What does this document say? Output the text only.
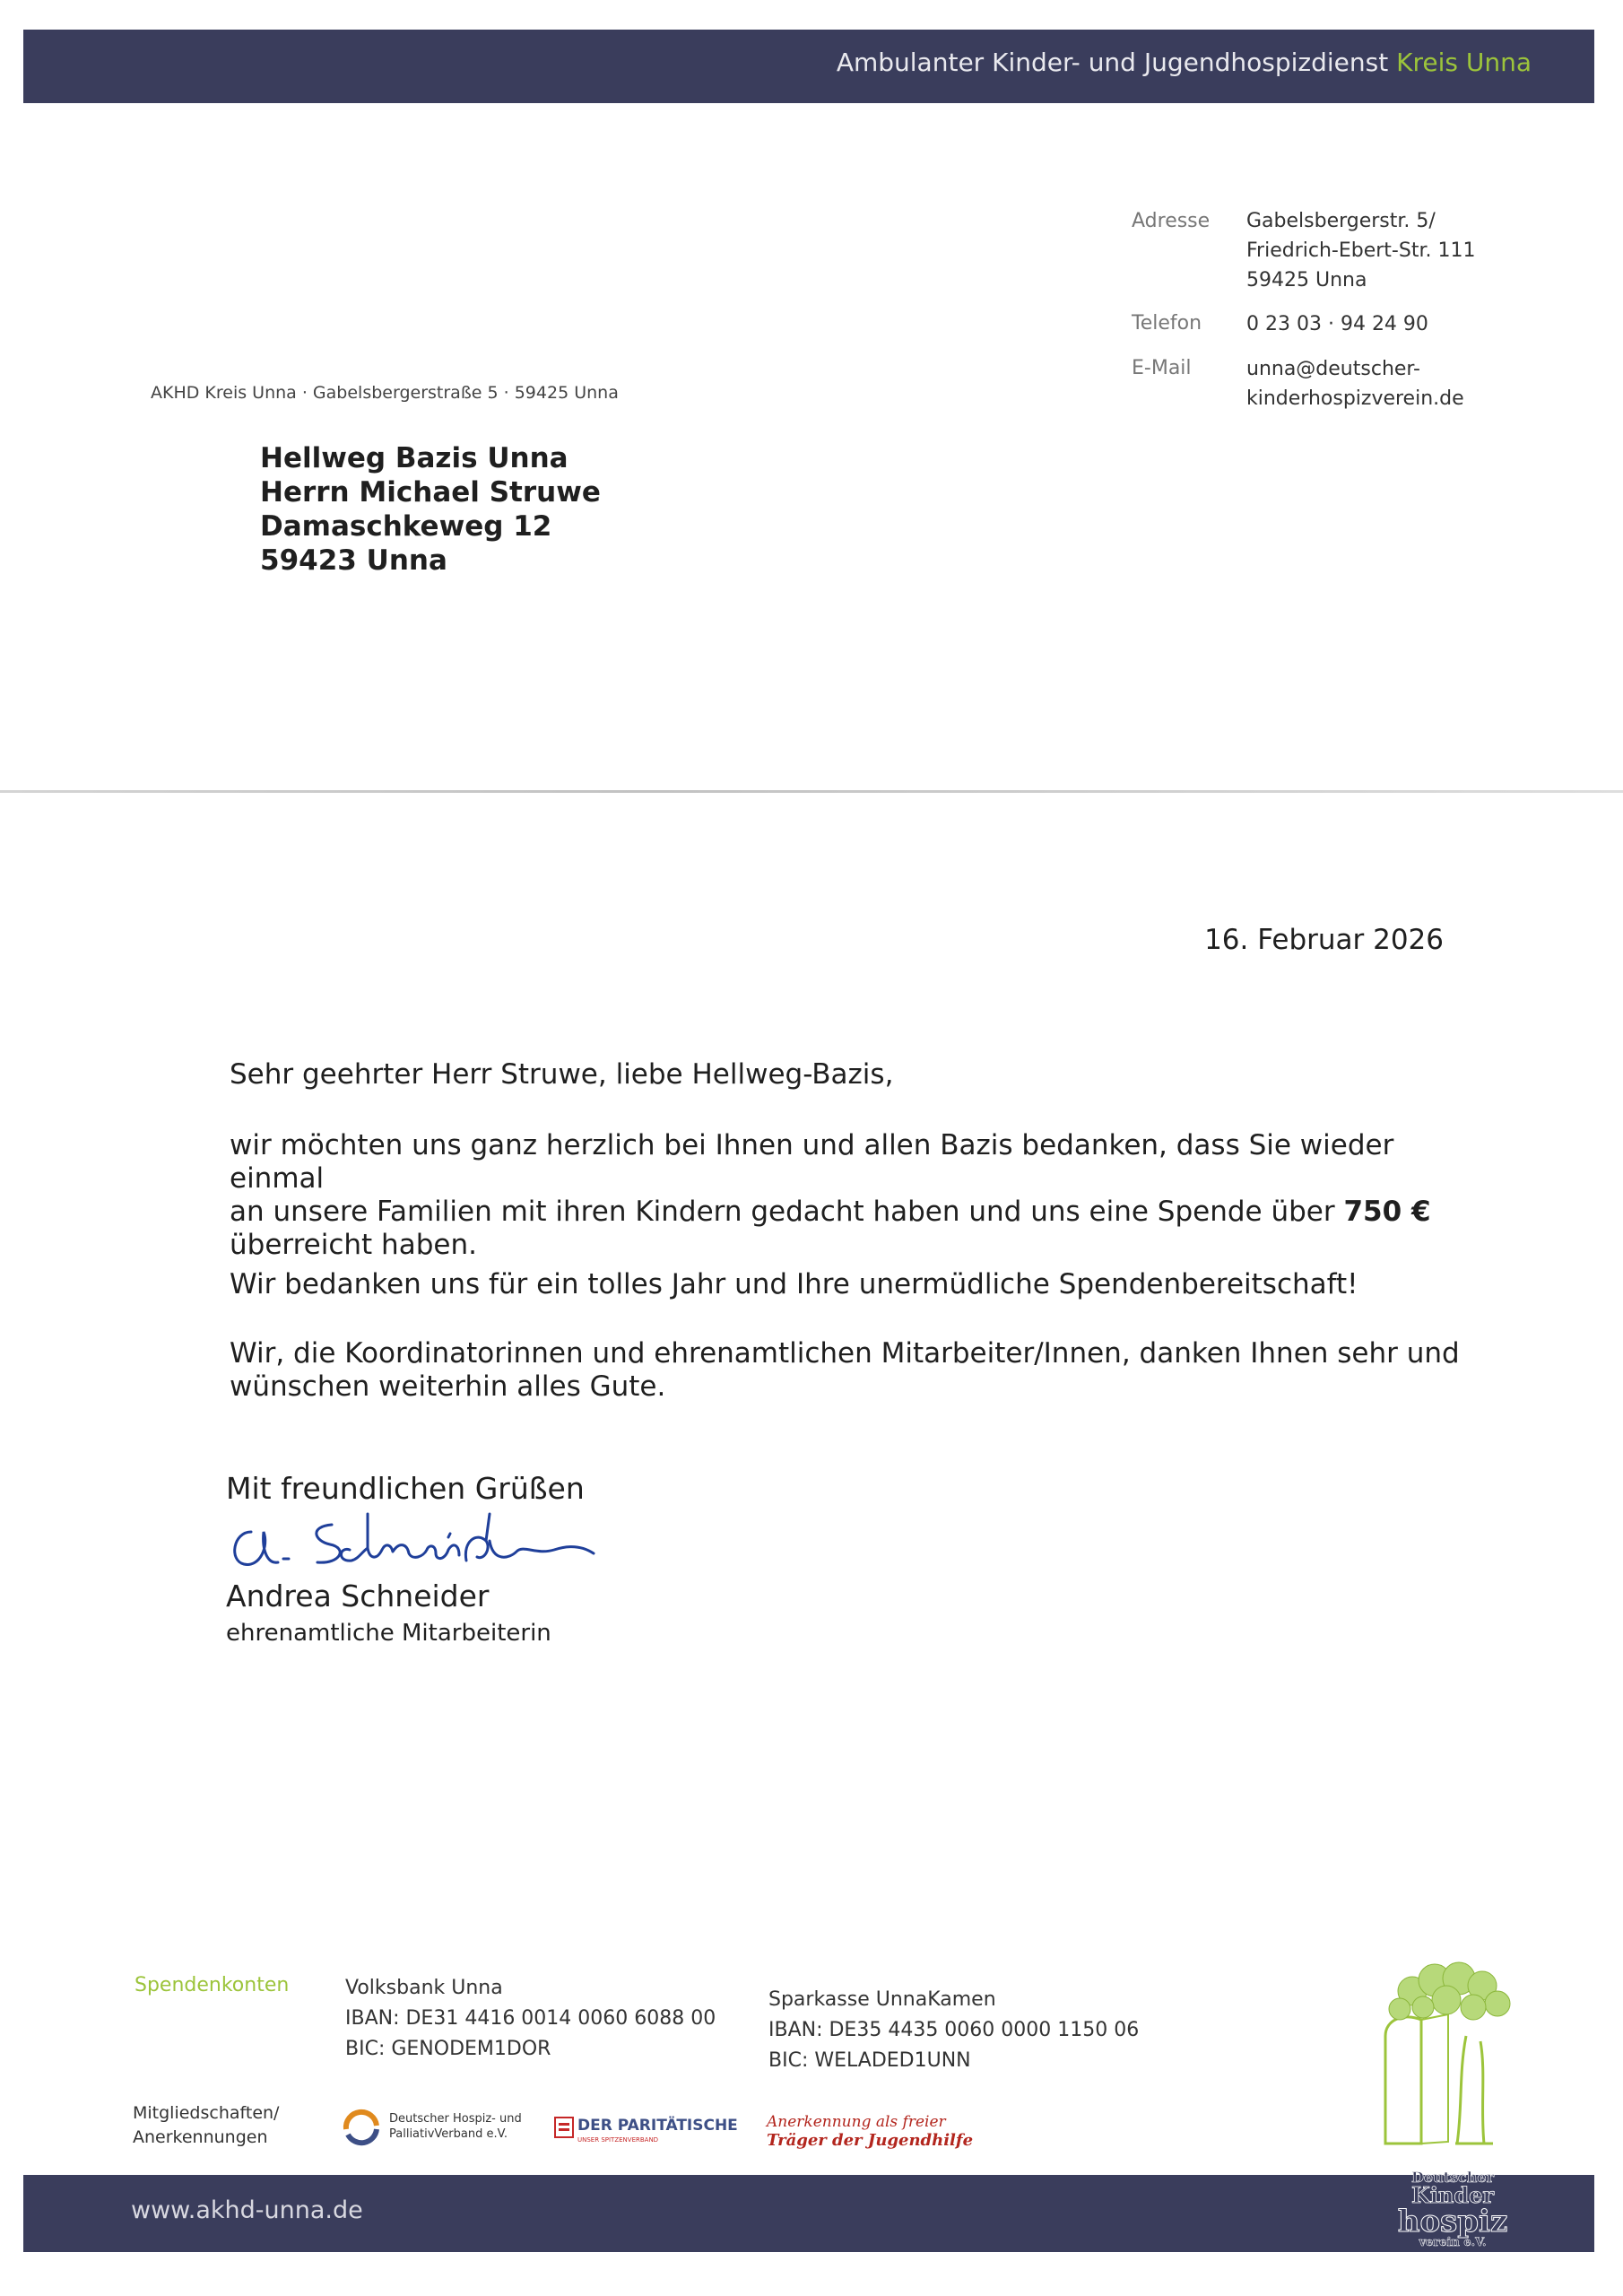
Ambulanter Kinder- und Jugendhospizdienst Kreis Unna
Adresse Gabelsbergerstr. 5/
Friedrich-Ebert-Str. 111
59425 Unna
Telefon 0 23 03 · 94 24 90
E-Mail	unna@deutscher-
kinderhospizverein.de
AKHD Kreis Unna · Gabelsbergerstraße 5 · 59425 Unna
Hellweg Bazis Unna
Herrn Michael Struwe
Damaschkeweg 12
59423 Unna
16. Februar 2026

Sehr geehrter Herr Struwe, liebe Hellweg-Bazis,

wir möchten uns ganz herzlich bei Ihnen und allen Bazis bedanken, dass Sie wieder einmal

an unsere Familien mit ihren Kindern gedacht haben und uns eine Spende über 750 €

überreicht haben.

Wir bedanken uns für ein tolles Jahr und Ihre unermüdliche Spendenbereitschaft!

Wir, die Koordinatorinnen und ehrenamtlichen Mitarbeiter/Innen, danken Ihnen sehr und

wünschen weiterhin alles Gute.

Mit freundlichen Grüßen
Andrea Schneider
ehrenamtliche Mitarbeiterin
Spendenkonten	Volksbank Unna
IBAN: DE31 4416 0014 0060 6088 00
BIC: GENODEM1DOR
Sparkasse UnnaKamen
IBAN: DE35 4435 0060 0000 1150 06
BIC: WELADED1UNN
Mitgliedschaften/
Anerkennungen
Deutscher Hospiz- und
PalliativVerband e.V.	DER PARITÄTISCHE
UNSER SPITZENVERBAND
Anerkennung als freier
Träger der Jugendhilfe
www.akhd-unna.de
Deutscher
Kinder
hospiz
verein e.V.
